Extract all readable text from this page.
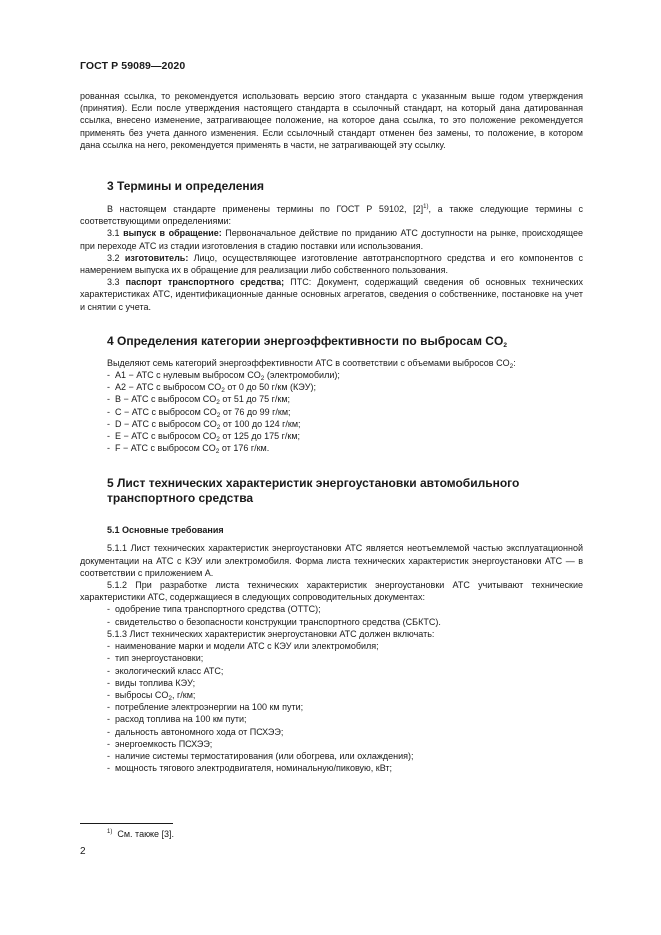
ГОСТ Р 59089—2020

рованная ссылка, то рекомендуется использовать версию этого стандарта с указанным выше годом утверждения (принятия). Если после утверждения настоящего стандарта в ссылочный стандарт, на который дана датированная ссылка, внесено изменение, затрагивающее положение, на которое дана ссылка, то это положение рекомендуется применять без учета данного изменения. Если ссылочный стандарт отменен без замены, то положение, в котором дана ссылка на него, рекомендуется применять в части, не затрагивающей эту ссылку.

3 Термины и определения

В настоящем стандарте применены термины по ГОСТ Р 59102, $[2]^{1)}$, а также следующие термины с соответствующими определениями:

3.1 выпуск в обращение: Первоначальное действие по приданию АТС доступности на рынке, происходящее при переходе АТС из стадии изготовления в стадию поставки или использования.

3.2 изготовитель: Лицо, осуществляющее изготовление автотранспортного средства и его компонентов с намерением выпуска их в обращение для реализации либо собственного пользования.

3.3 паспорт транспортного средства; ПТС: Документ, содержащий сведения об основных технических характеристиках АТС, идентификационные данные основных агрегатов, сведения о собственнике, постановке на учет и снятии с учета.

4 Определения категории энергоэффективности по выбросам $CO_2$

Выделяют семь категорий энергоэффективности АТС в соответствии с объемами выбросов $CO_2$:

-  А1 − АТС с нулевым выбросом $CO_2$ (электромобили);
-  А2 − АТС с выбросом $CO_2$ от 0 до 50 г/км (КЭУ);
-  B − АТС с выбросом $CO_2$ от 51 до 75 г/км;
-  C − АТС с выбросом $CO_2$ от 76 до 99 г/км;
-  D − АТС с выбросом $CO_2$ от 100 до 124 г/км;
-  E − АТС с выбросом $CO_2$ от 125 до 175 г/км;
-  F − АТС с выбросом $CO_2$ от 176 г/км.
5 Лист технических характеристик энергоустановки автомобильного транспортного средства
5.1 Основные требования

5.1.1 Лист технических характеристик энергоустановки АТС является неотъемлемой частью эксплуатационной документации на АТС с КЭУ или электромобиля. Форма листа технических характеристик энергоустановки АТС — в соответствии с приложением А.

5.1.2 При разработке листа технических характеристик энергоустановки АТС учитывают технические характеристики АТС, содержащиеся в следующих сопроводительных документах:

-  одобрение типа транспортного средства (ОТТС);
-  свидетельство о безопасности конструкции транспортного средства (СБКТС).

5.1.3 Лист технических характеристик энергоустановки АТС должен включать:

-  наименование марки и модели АТС с КЭУ или электромобиля;
-  тип энергоустановки;
-  экологический класс АТС;
-  виды топлива КЭУ;
-  выбросы $CO_2$, г/км;
-  потребление электроэнергии на 100 км пути;
-  расход топлива на 100 км пути;
-  дальность автономного хода от ПСХЭЭ;
-  энергоемкость ПСХЭЭ;
-  наличие системы термостатирования (или обогрева, или охлаждения);
-  мощность тягового электродвигателя, номинальную/пиковую, кВт;
$^{1)}$ См. также [3].
2
